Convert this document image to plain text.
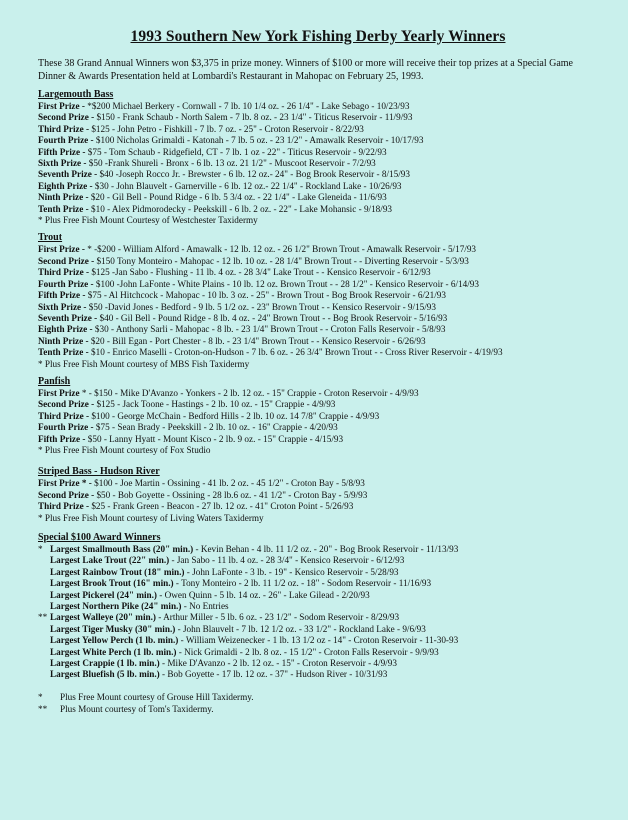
1993 Southern New York Fishing Derby Yearly Winners

These 38 Grand Annual Winners won $3,375 in prize money. Winners of $100 or more will receive their top prizes at a Special Game Dinner & Awards Presentation held at Lombardi's Restaurant in Mahopac on February 25, 1993.

Largemouth Bass
First Prize - *$200 Michael Berkery - Cornwall - 7 lb. 10 1/4 oz. - 26 1/4" - Lake Sebago - 10/23/93
Second Prize - $150 - Frank Schaub - North Salem - 7 lb. 8 oz. - 23 1/4" - Titicus Reservoir - 11/9/93
Third Prize - $125 - John Petro - Fishkill - 7 lb. 7 oz. - 25" - Croton Reservoir - 8/22/93
Fourth Prize - $100 Nicholas Grimaldi - Katonah - 7 lb. 5 oz. - 23 1/2" - Amawalk Reservoir - 10/17/93
Fifth Prize - $75 - Tom Schaub - Ridgefield, CT - 7 lb. 1 oz - 22" - Titicus Reservoir - 9/22/93
Sixth Prize - $50 -Frank Shureli - Bronx - 6 lb. 13 oz. 21 1/2" - Muscoot Reservoir - 7/2/93
Seventh Prize - $40 -Joseph Rocco Jr. - Brewster - 6 lb. 12 oz.- 24" - Bog Brook Reservoir - 8/15/93
Eighth Prize - $30 - John Blauvelt - Garnerville - 6 lb. 12 oz.- 22 1/4" - Rockland Lake - 10/26/93
Ninth Prize - $20 - Gil Bell - Pound Ridge - 6 lb. 5 3/4 oz. - 22 1/4" - Lake Gleneida - 11/6/93
Tenth Prize - $10 - Alex Pidmorodecky - Peekskill - 6 lb. 2 oz. - 22" - Lake Mohansic - 9/18/93
* Plus Free Fish Mount Courtesy of Westchester Taxidermy
Trout
First Prize - * -$200 - William Alford - Amawalk - 12 lb. 12 oz. - 26 1/2" Brown Trout - Amawalk Reservoir - 5/17/93
Second Prize - $150 Tony Monteiro - Mahopac - 12 lb. 10 oz. - 28 1/4" Brown Trout - - Diverting Reservoir - 5/3/93
Third Prize - $125 -Jan Sabo - Flushing - 11 lb. 4 oz. - 28 3/4" Lake Trout - - Kensico Reservoir - 6/12/93
Fourth Prize - $100 -John LaFonte - White Plains - 10 lb. 12 oz. Brown Trout - - 28 1/2" - Kensico Reservoir - 6/14/93
Fifth Prize - $75 - Al Hitchcock - Mahopac - 10 lb. 3 oz. - 25" - Brown Trout - Bog Brook Reservoir - 6/21/93
Sixth Prize - $50 -David Jones - Bedford - 9 lb. 5 1/2 oz. - 23" Brown Trout - - Kensico Reservoir - 9/15/93
Seventh Prize - $40 - Gil Bell - Pound Ridge - 8 lb. 4 oz. - 24" Brown Trout - - Bog Brook Reservoir - 5/16/93
Eighth Prize - $30 - Anthony Sarli - Mahopac - 8 lb. - 23 1/4" Brown Trout - - Croton Falls Reservoir - 5/8/93
Ninth Prize - $20 - Bill Egan - Port Chester - 8 lb. - 23 1/4" Brown Trout - - Kensico Reservoir - 6/26/93
Tenth Prize - $10 - Enrico Maselli - Croton-on-Hudson - 7 lb. 6 oz. - 26 3/4" Brown Trout - - Cross River Reservoir - 4/19/93
* Plus Free Fish Mount courtesy of MBS Fish Taxidermy
Panfish
First Prize * - $150 - Mike D'Avanzo - Yonkers - 2 lb. 12 oz. - 15" Crappie - Croton Reservoir - 4/9/93
Second Prize - $125 - Jack Toone - Hastings - 2 lb. 10 oz. - 15" Crappie - 4/9/93
Third Prize - $100 - George McChain - Bedford Hills - 2 lb. 10 oz. 14 7/8" Crappie - 4/9/93
Fourth Prize - $75 - Sean Brady - Peekskill - 2 lb. 10 oz. - 16" Crappie - 4/20/93
Fifth Prize - $50 - Lanny Hyatt - Mount Kisco - 2 lb. 9 oz. - 15" Crappie - 4/15/93
* Plus Free Fish Mount courtesy of Fox Studio
Striped Bass - Hudson River
First Prize * - $100 - Joe Martin - Ossining - 41 lb. 2 oz. - 45 1/2" - Croton Bay - 5/8/93
Second Prize - $50 - Bob Goyette - Ossining - 28 lb.6 oz. - 41 1/2" - Croton Bay - 5/9/93
Third Prize - $25 - Frank Green - Beacon - 27 lb. 12 oz. - 41" Croton Point - 5/26/93
* Plus Free Fish Mount courtesy of Living Waters Taxidermy
Special $100 Award Winners
* Largest Smallmouth Bass (20" min.) - Kevin Behan - 4 lb. 11 1/2 oz. - 20" - Bog Brook Reservoir - 11/13/93
Largest Lake Trout (22" min.) - Jan Sabo - 11 lb. 4 oz. - 28 3/4" - Kensico Reservoir - 6/12/93
Largest Rainbow Trout (18" min.) - John LaFonte - 3 lb. - 19" - Kensico Reservoir - 5/28/93
Largest Brook Trout (16" min.) - Tony Monteiro - 2 lb. 11 1/2 oz. - 18" - Sodom Reservoir - 11/16/93
Largest Pickerel (24" min.) - Owen Quinn - 5 lb. 14 oz. - 26" - Lake Gilead - 2/20/93
Largest Northern Pike (24" min.) - No Entries
** Largest Walleye (20" min.) - Arthur Miller - 5 lb. 6 oz. - 23 1/2" - Sodom Reservoir - 8/29/93
Largest Tiger Musky (30" min.) - John Blauvelt - 7 lb. 12 1/2 oz. - 33 1/2" - Rockland Lake - 9/6/93
Largest Yellow Perch (1 lb. min.) - William Weizenecker - 1 lb. 13 1/2 oz - 14" - Croton Reservoir - 11-30-93
Largest White Perch (1 lb. min.) - Nick Grimaldi - 2 lb. 8 oz. - 15 1/2" - Croton Falls Reservoir - 9/9/93
Largest Crappie (1 lb. min.) - Mike D'Avanzo - 2 lb. 12 oz. - 15" - Croton Reservoir - 4/9/93
Largest Bluefish (5 lb. min.) - Bob Goyette - 17 lb. 12 oz. - 37" - Hudson River - 10/31/93
* Plus Free Mount courtesy of Grouse Hill Taxidermy.
** Plus Mount courtesy of Tom's Taxidermy.
